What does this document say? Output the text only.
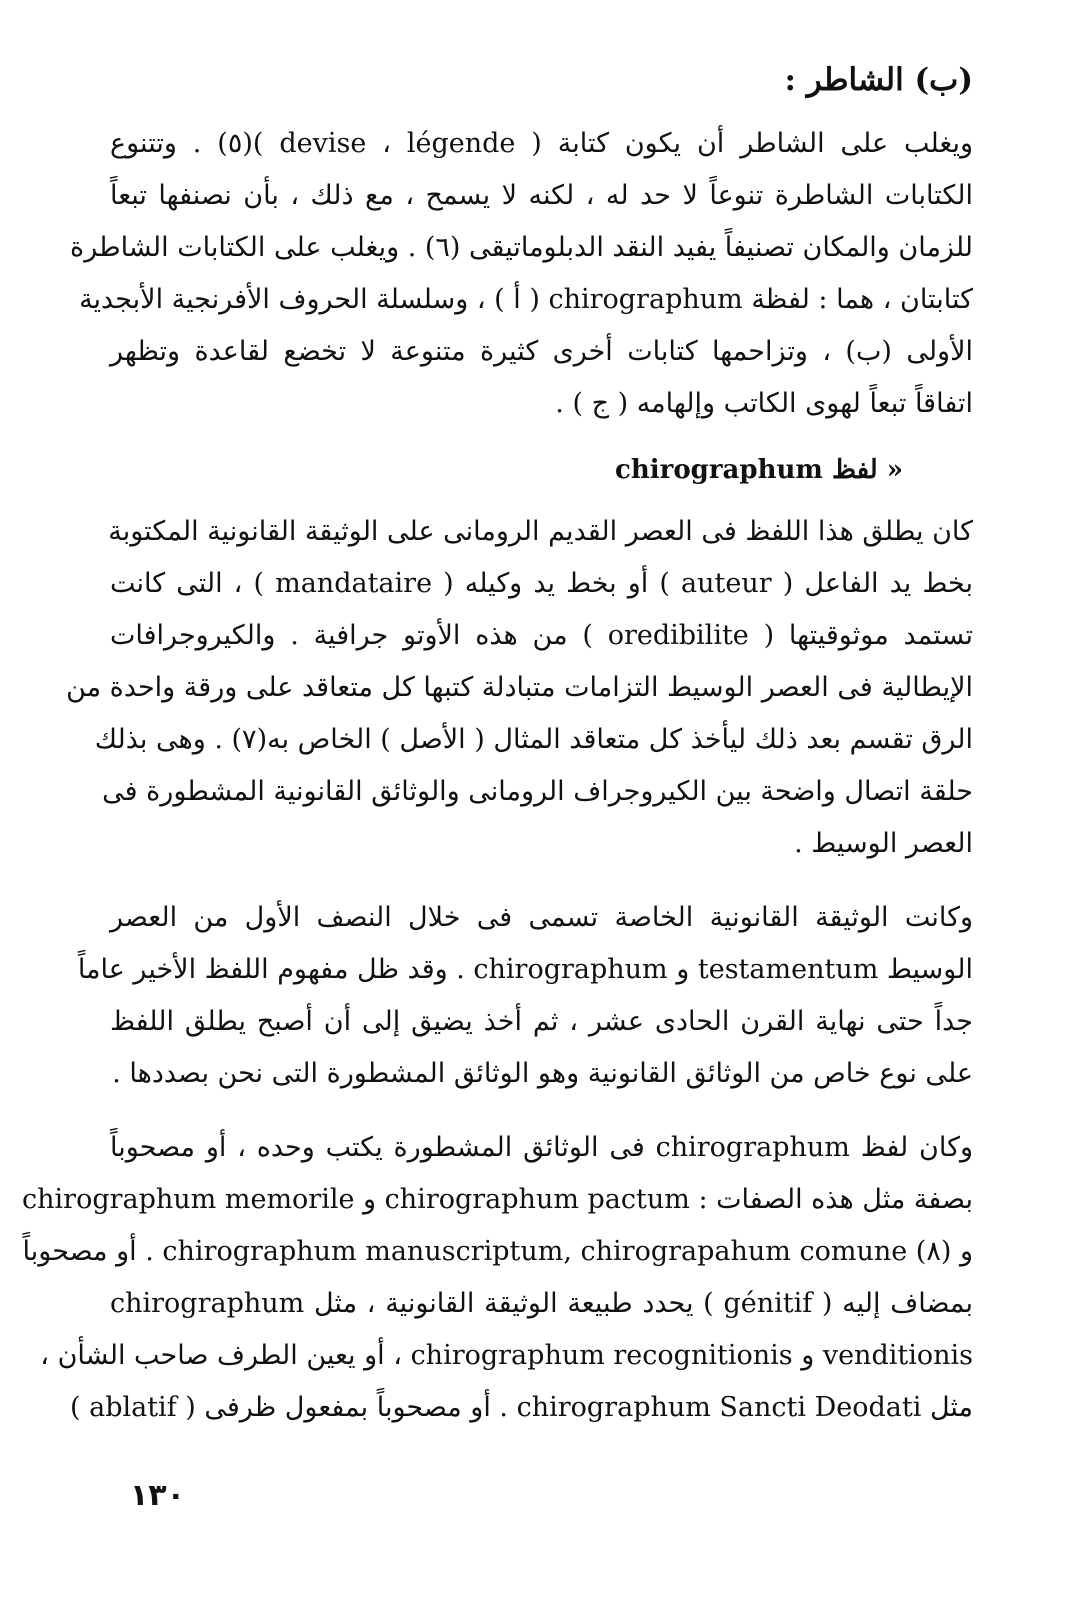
(ب) الشاطر :
ويغلب على الشاطر أن يكون كتابة ( devise ، légende )(٥) . وتتنوع
الكتابات الشاطرة تنوعاً لا حد له ، لكنه لا يسمح ، مع ذلك ، بأن نصنفها تبعاً
للزمان والمكان تصنيفاً يفيد النقد الدبلوماتيقى (٦) . ويغلب على الكتابات الشاطرة
كتابتان ، هما : لفظة chirographum ( أ ) ، وسلسلة الحروف الأفرنجية الأبجدية
الأولى (ب) ، وتزاحمها كتابات أخرى كثيرة متنوعة لا تخضع لقاعدة وتظهر
اتفاقاً تبعاً لهوى الكاتب وإلهامه ( ج ) .
« لفظ chirographum
كان يطلق هذا اللفظ فى العصر القديم الرومانى على الوثيقة القانونية المكتوبة
بخط يد الفاعل ( auteur ) أو بخط يد وكيله ( mandataire ) ، التى كانت
تستمد موثوقيتها ( oredibilite ) من هذه الأوتو جرافية . والكيروجرافات
الإيطالية فى العصر الوسيط التزامات متبادلة كتبها كل متعاقد على ورقة واحدة من
الرق تقسم بعد ذلك ليأخذ كل متعاقد المثال ( الأصل ) الخاص به(٧) . وهى بذلك
حلقة اتصال واضحة بين الكيروجراف الرومانى والوثائق القانونية المشطورة فى
العصر الوسيط .
وكانت الوثيقة القانونية الخاصة تسمى فى خلال النصف الأول من العصر
الوسيط testamentum و chirographum . وقد ظل مفهوم اللفظ الأخير عاماً
جداً حتى نهاية القرن الحادى عشر ، ثم أخذ يضيق إلى أن أصبح يطلق اللفظ
على نوع خاص من الوثائق القانونية وهو الوثائق المشطورة التى نحن بصددها .
وكان لفظ chirographum فى الوثائق المشطورة يكتب وحده ، أو مصحوباً
بصفة مثل هذه الصفات : chirographum pactum و chirographum memorile
و (٨) chirographum manuscriptum, chirograpahum comune . أو مصحوباً
بمضاف إليه ( génitif ) يحدد طبيعة الوثيقة القانونية ، مثل chirographum
venditionis و chirographum recognitionis ، أو يعين الطرف صاحب الشأن ،
مثل chirographum Sancti Deodati . أو مصحوباً بمفعول ظرفى ( ablatif )
١٣٠
